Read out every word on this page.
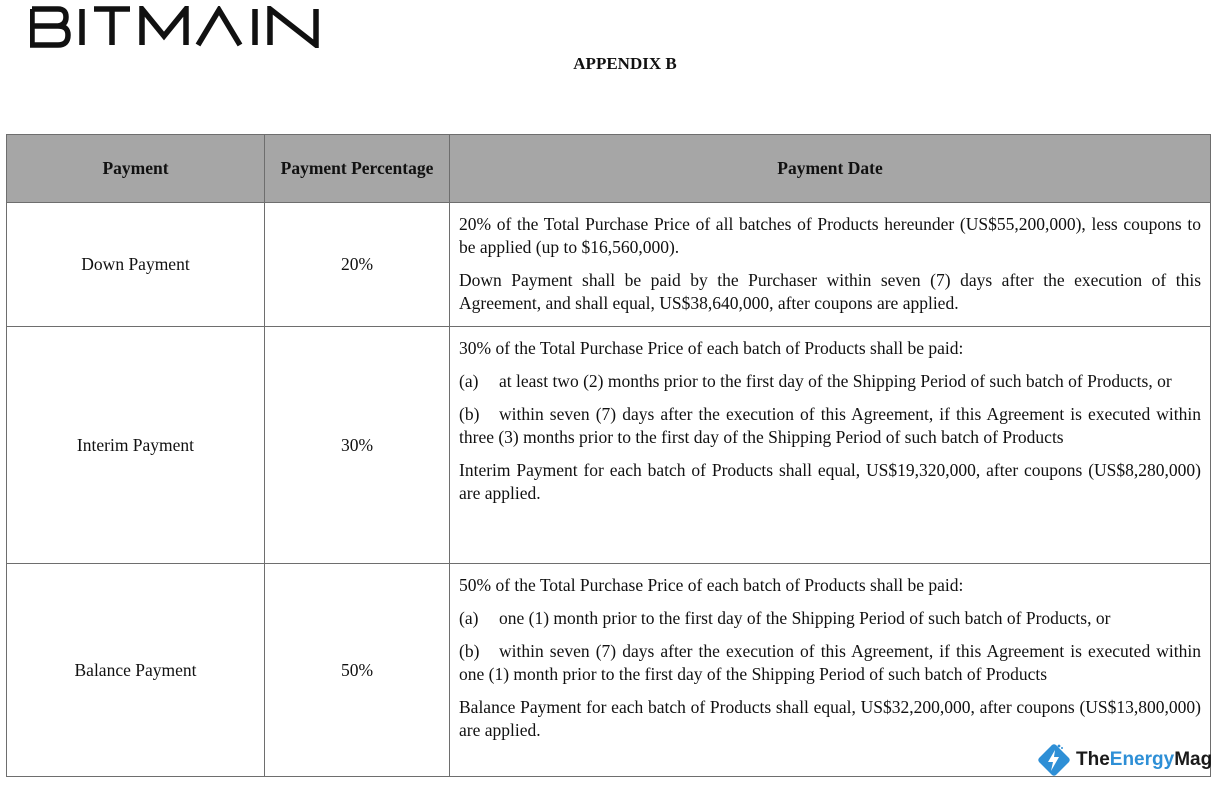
APPENDIX B
Payment	Payment Percentage	Payment Date
Down Payment	20%	20% of the Total Purchase Price of all batches of Products hereunder (US$55,200,000), less coupons to be applied (up to $16,560,000).

Down Payment shall be paid by the Purchaser within seven (7) days after the execution of this Agreement, and shall equal, US$38,640,000, after coupons are applied.

Interim Payment	30%	30% of the Total Purchase Price of each batch of Products shall be paid:

(a) at least two (2) months prior to the first day of the Shipping Period of such batch of Products, or

(b) within seven (7) days after the execution of this Agreement, if this Agreement is executed within three (3) months prior to the first day of the Shipping Period of such batch of Products

Interim Payment for each batch of Products shall equal, US$19,320,000, after coupons (US$8,280,000) are applied.

Balance Payment	50%	50% of the Total Purchase Price of each batch of Products shall be paid:

(a) one (1) month prior to the first day of the Shipping Period of such batch of Products, or

(b) within seven (7) days after the execution of this Agreement, if this Agreement is executed within one (1) month prior to the first day of the Shipping Period of such batch of Products

Balance Payment for each batch of Products shall equal, US$32,200,000, after coupons (US$13,800,000) are applied.

TheEnergyMag
